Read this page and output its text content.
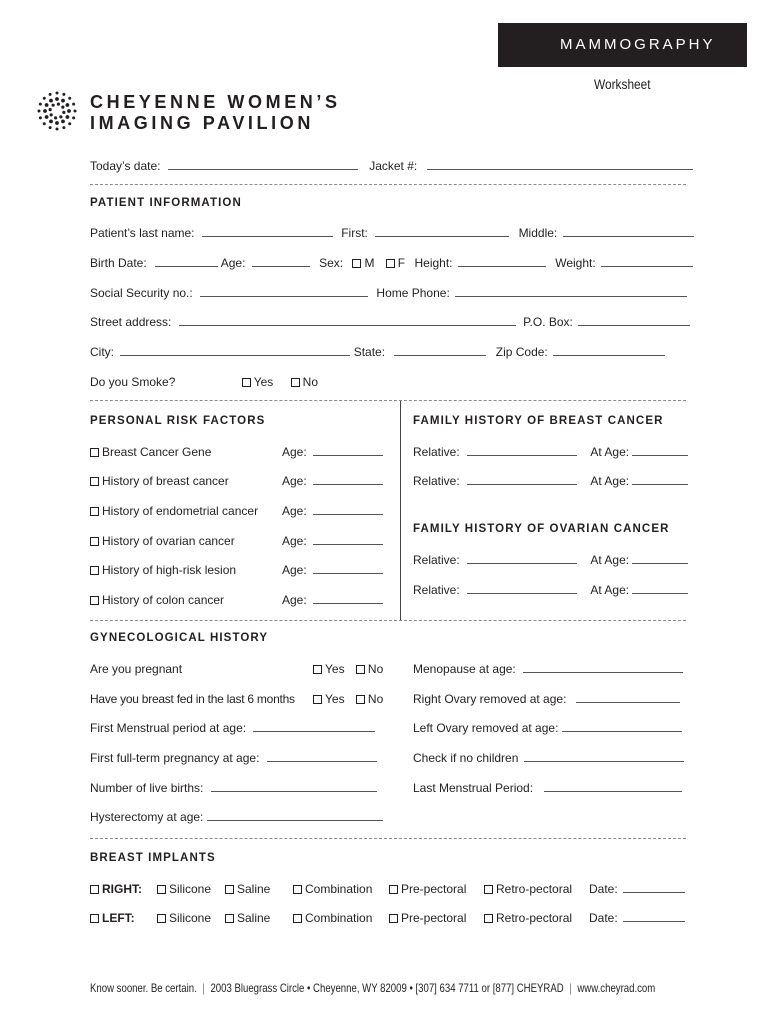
MAMMOGRAPHY
Worksheet
CHEYENNE WOMEN’S
IMAGING PAVILION
Today’s date:	Jacket #:
PATIENT INFORMATION
Patient’s last name:	First:	Middle:
Birth Date:	Age:	Sex: M F Height:	Weight:
Social Security no.:	Home Phone:
Street address:	P.O. Box:
City:	State:	Zip Code:
Do you Smoke?	Yes No
PERSONAL RISK FACTORS
Breast Cancer Gene	Age:
History of breast cancer	Age:
History of endometrial cancer Age:
History of ovarian cancer	Age:
History of high-risk lesion	Age:
History of colon cancer	Age:
FAMILY HISTORY OF BREAST CANCER
Relative:	At Age:
Relative:	At Age:
FAMILY HISTORY OF OVARIAN CANCER
Relative:	At Age:
Relative:	At Age:
GYNECOLOGICAL HISTORY
Are you pregnant	Yes No
Have you breast fed in the last 6 months	Yes No
First Menstrual period at age:
First full-term pregnancy at age:
Number of live births:
Hysterectomy at age:
Menopause at age:
Right Ovary removed at age:
Left Ovary removed at age:
Check if no children
Last Menstrual Period:
BREAST IMPLANTS
RIGHT:	Silicone	Saline	Combination	Pre-pectoral	Retro-pectoral Date:
LEFT:	Silicone	Saline	Combination	Pre-pectoral	Retro-pectoral Date:
Know sooner. Be certain. | 2003 Bluegrass Circle • Cheyenne, WY 82009 • [307] 634 7711 or [877] CHEYRAD | www.cheyrad.com
